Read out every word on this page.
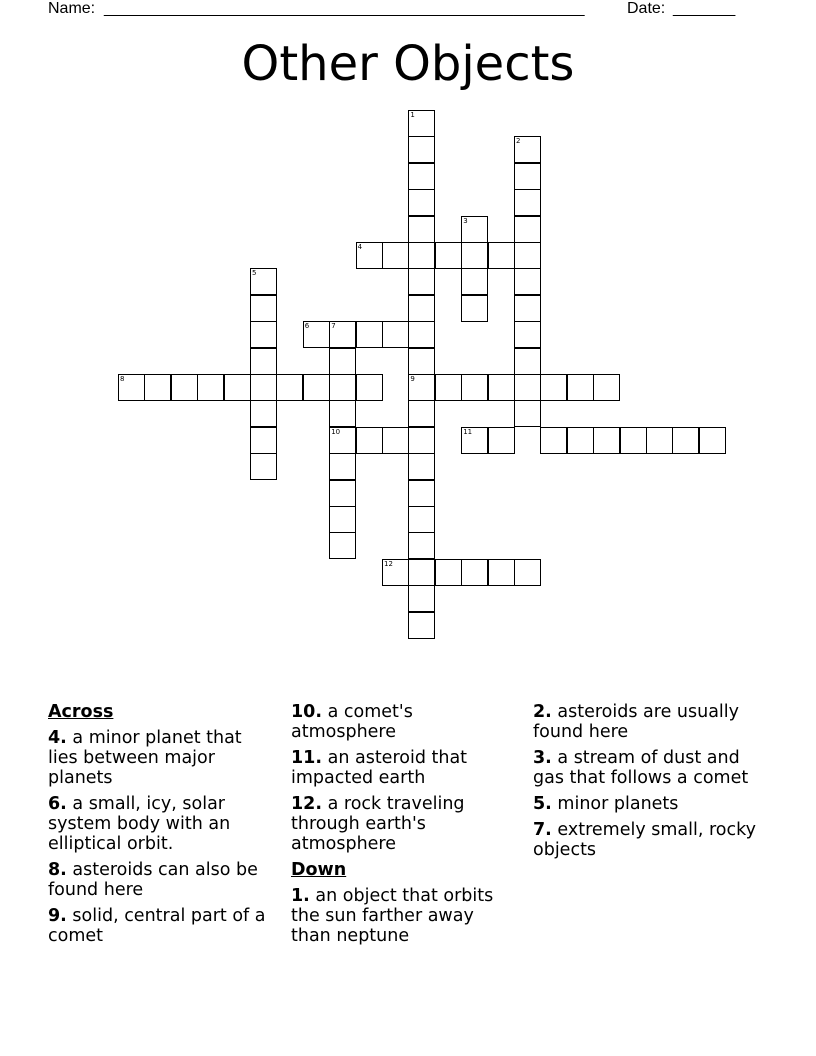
Name: ______________________________________________________	Date: _______
Other Objects
1
9
2
3
4
5
6	7
10
8
11
12
Across
4. a minor planet that lies between major planets
6. a small, icy, solar system body with an elliptical orbit.
8. asteroids can also be found here
9. solid, central part of a comet
10. a comet's atmosphere
11. an asteroid that impacted earth
12. a rock traveling through earth's atmosphere
Down
1. an object that orbits the sun farther away than neptune
2. asteroids are usually found here
3. a stream of dust and gas that follows a comet
5. minor planets
7. extremely small, rocky objects
